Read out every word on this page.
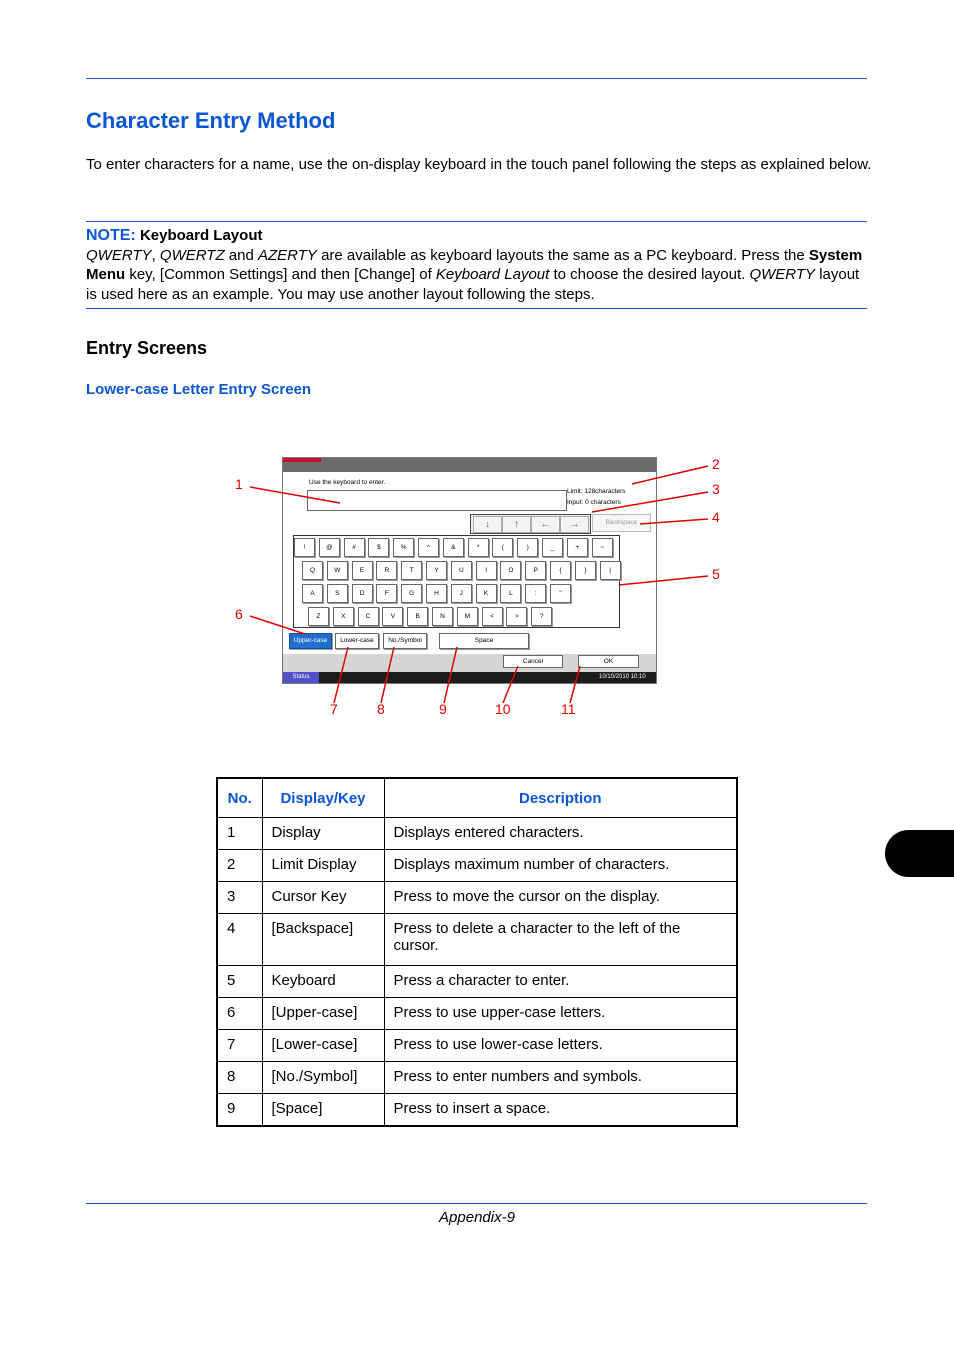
Character Entry Method

To enter characters for a name, use the on-display keyboard in the touch panel following the steps as explained below.

NOTE: Keyboard Layout
QWERTY, QWERTZ and AZERTY are available as keyboard layouts the same as a PC keyboard. Press the System Menu key, [Common Settings] and then [Change] of Keyboard Layout to choose the desired layout. QWERTY layout is used here as an example. You may use another layout following the steps.
Entry Screens
Lower-case Letter Entry Screen
Use the keyboard to enter.
Limit: 128characters
Input: 0 characters
↓	↑	←	→	Backspace
!	@	#	$	%	^	&	*	(	)	_	+	~
Q	W	E	R	T	Y	U	I	O	P	{	}	|
A	S	D	F	G	H	J	K	L	:	"
Z	X	C	V	B	N	M	<	>	?
Upper-case	Lower-case	No./Symbol	Space
Cancel	OK
Status	10/10/2010 10:10
1
2
3
4
5
6
7	8	9	10	11
No.	Display/Key	Description
1	Display	Displays entered characters.
2	Limit Display	Displays maximum number of characters.
3	Cursor Key	Press to move the cursor on the display.
4	[Backspace]	Press to delete a character to the left of the cursor.
5	Keyboard	Press a character to enter.
6	[Upper-case]	Press to use upper-case letters.
7	[Lower-case]	Press to use lower-case letters.
8	[No./Symbol]	Press to enter numbers and symbols.
9	[Space]	Press to insert a space.
Appendix-9
